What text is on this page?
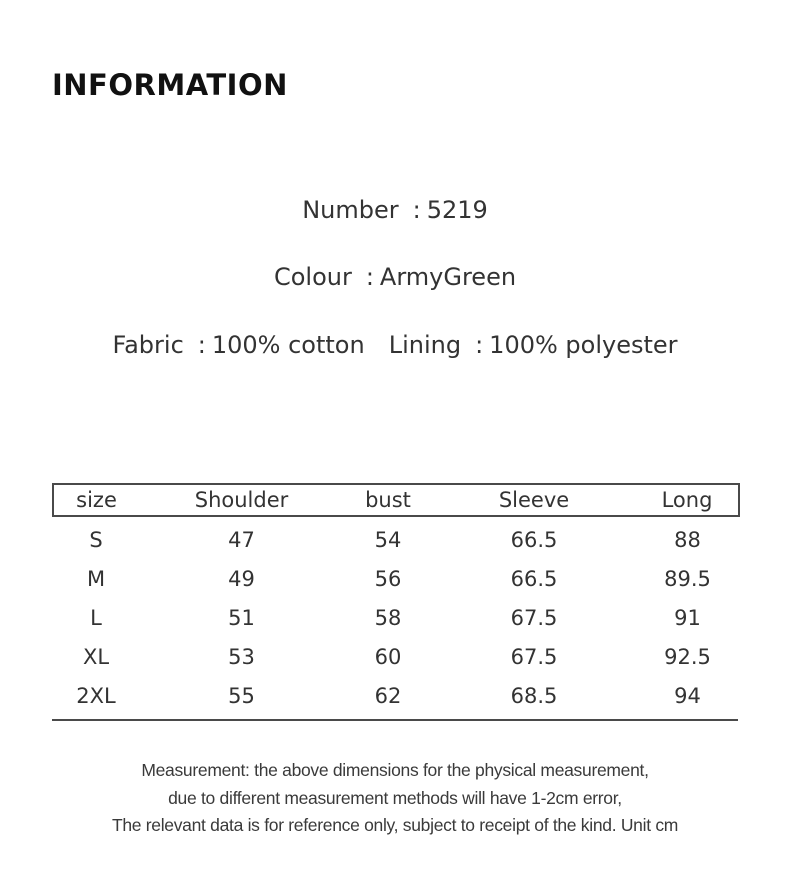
INFORMATION
Number : 5219
Colour : ArmyGreen
Fabric : 100% cotton Lining : 100% polyester
size	Shoulder	bust	Sleeve	Long
S	47	54	66.5	88
M	49	56	66.5	89.5
L	51	58	67.5	91
XL	53	60	67.5	92.5
2XL	55	62	68.5	94
Measurement: the above dimensions for the physical measurement,
due to different measurement methods will have 1-2cm error,
The relevant data is for reference only, subject to receipt of the kind. Unit cm
